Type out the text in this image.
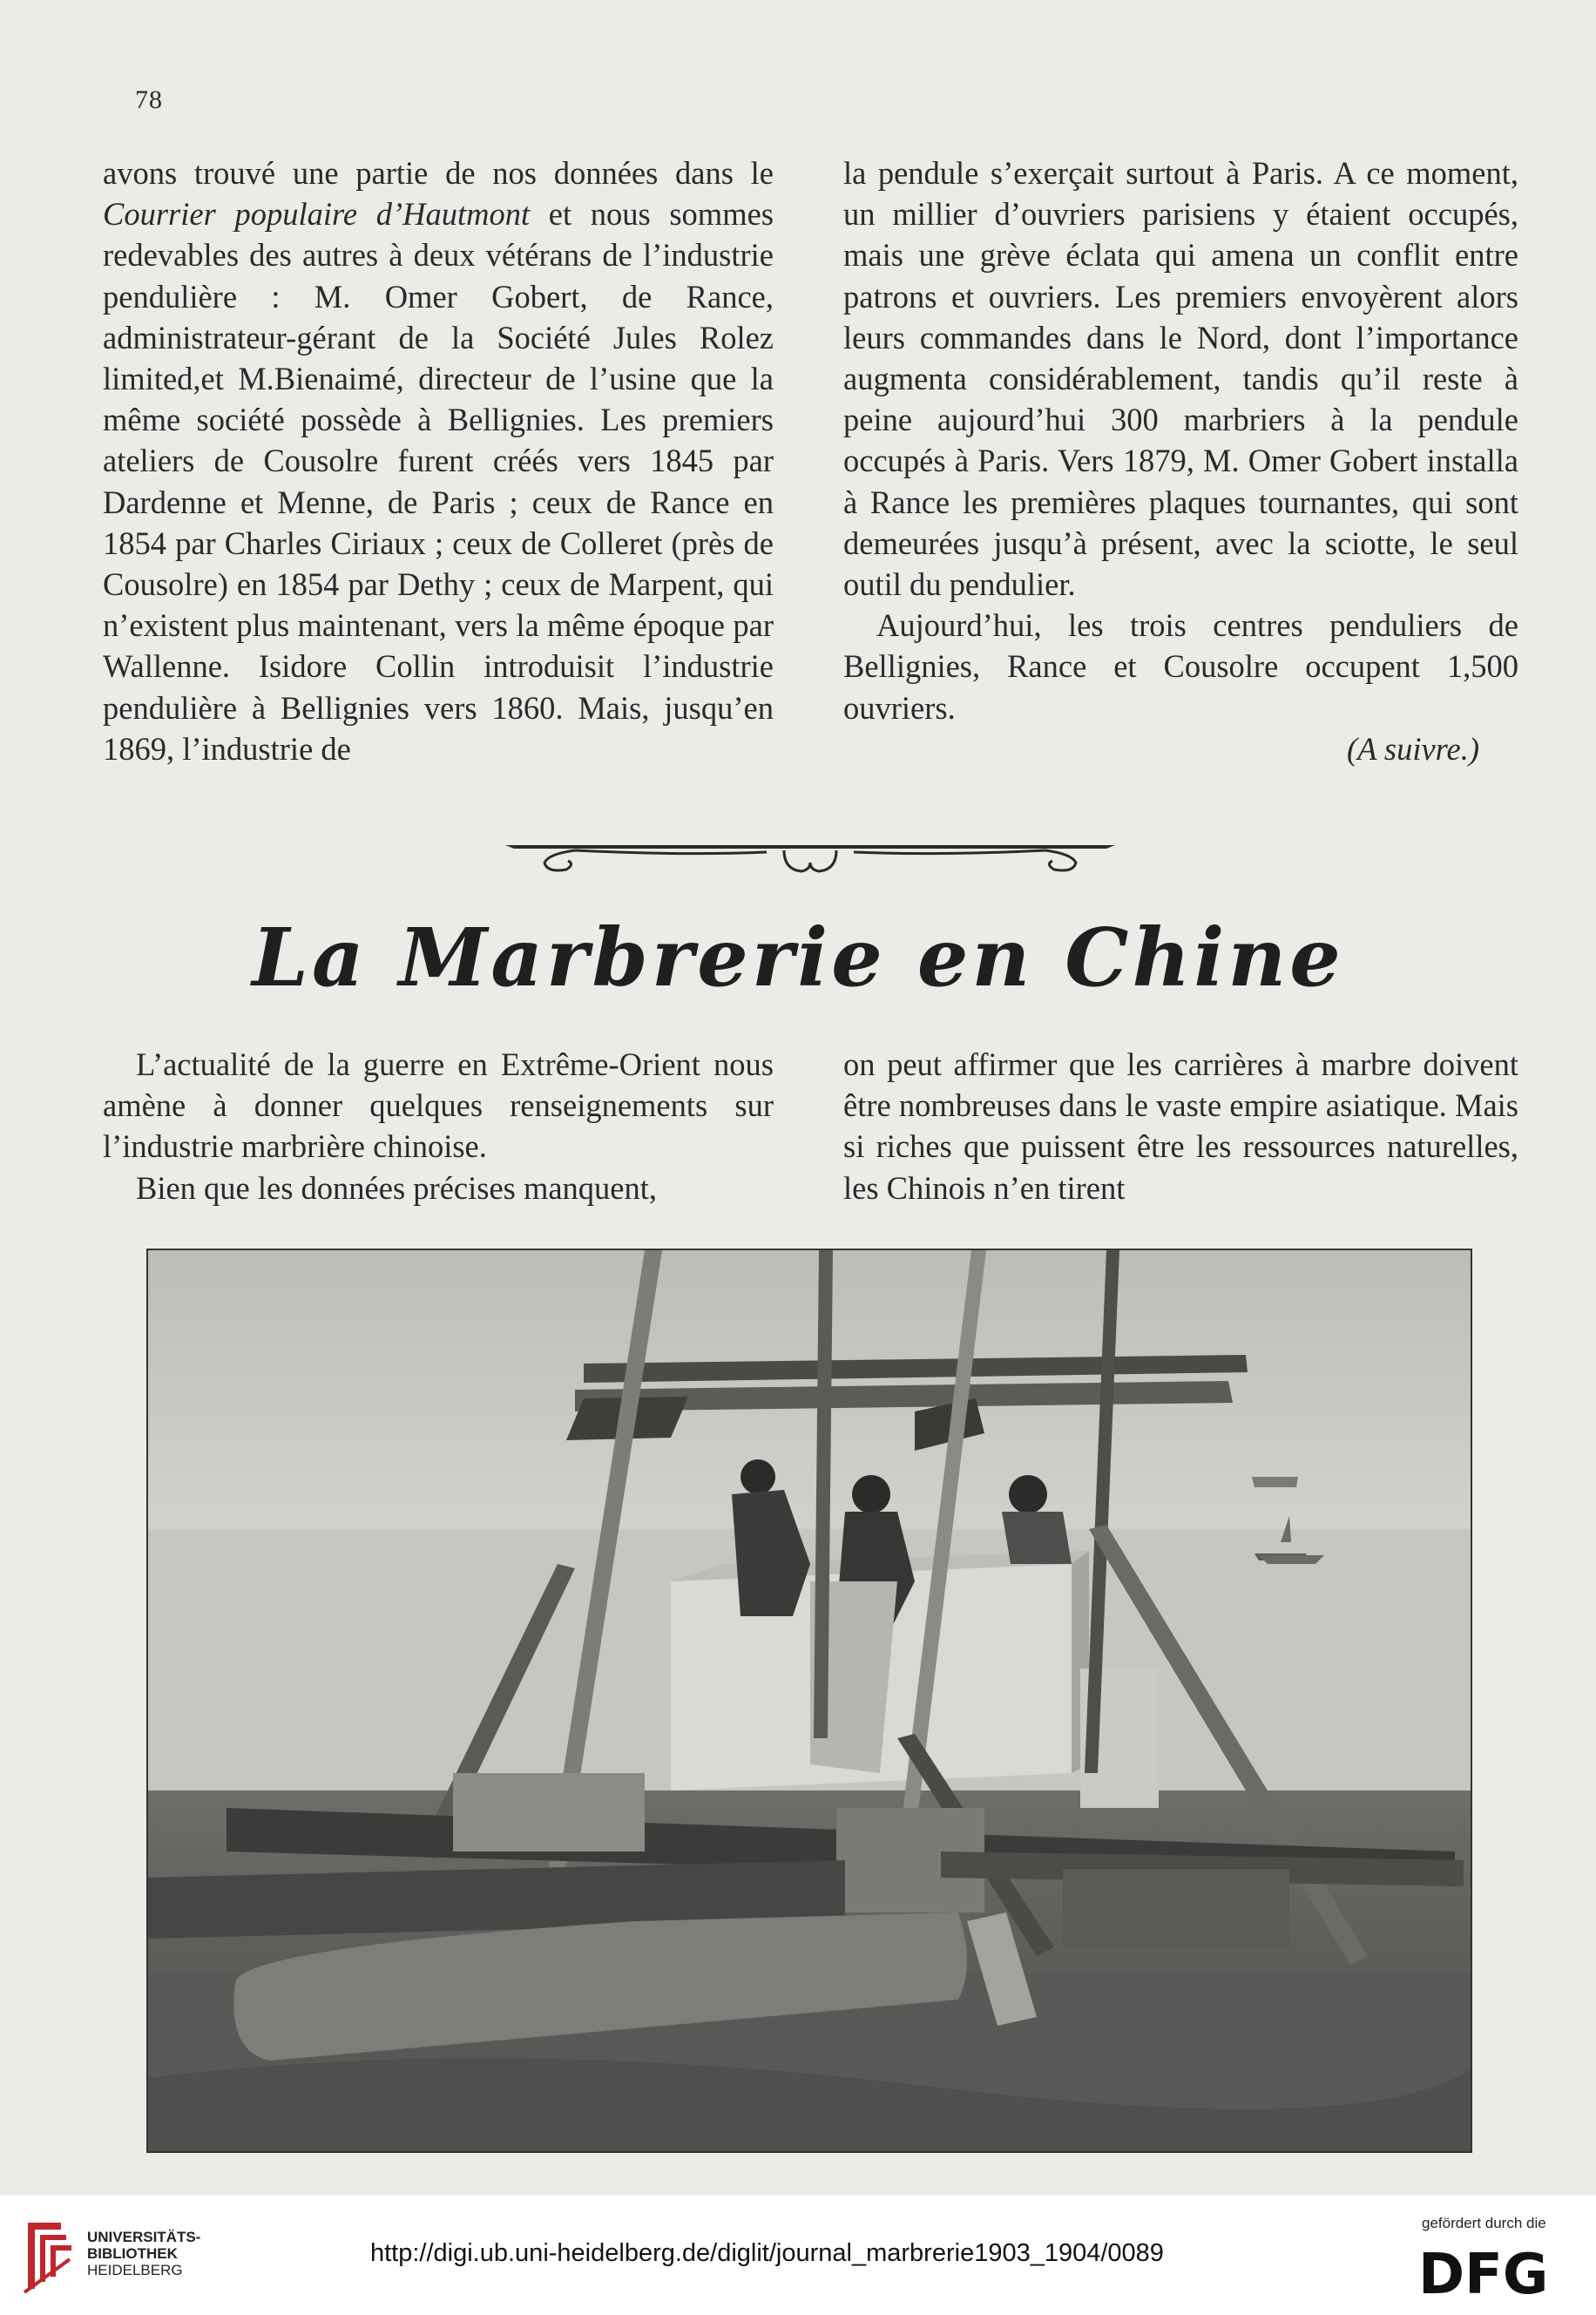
78

avons trouvé une partie de nos données dans le Courrier populaire d’Hautmont et nous sommes redevables des autres à deux vétérans de l’industrie pendulière : M. Omer Gobert, de Rance, administrateur-gérant de la Société Jules Rolez limited,et M.Bienaimé, directeur de l’usine que la même société possède à Bellignies. Les premiers ateliers de Cousolre furent créés vers 1845 par Dardenne et Menne, de Paris ; ceux de Rance en 1854 par Charles Ciriaux ; ceux de Colleret (près de Cousolre) en 1854 par Dethy ; ceux de Marpent, qui n’existent plus maintenant, vers la même époque par Wallenne. Isidore Collin introduisit l’industrie pendulière à Bellignies vers 1860. Mais, jusqu’en 1869, l’industrie de

la pendule s’exerçait surtout à Paris. A ce moment, un millier d’ouvriers parisiens y étaient occupés, mais une grève éclata qui amena un conflit entre patrons et ouvriers. Les premiers envoyèrent alors leurs commandes dans le Nord, dont l’importance augmenta considérablement, tandis qu’il reste à peine aujourd’hui 300 marbriers à la pendule occupés à Paris. Vers 1879, M. Omer Gobert installa à Rance les premières plaques tournantes, qui sont demeurées jusqu’à présent, avec la sciotte, le seul outil du pendulier.

Aujourd’hui, les trois centres penduliers de Bellignies, Rance et Cousolre occupent 1,500 ouvriers.

(A suivre.)

La Marbrerie en Chine

L’actualité de la guerre en Extrême-Orient nous amène à donner quelques renseignements sur l’industrie marbrière chinoise.

Bien que les données précises manquent,

on peut affirmer que les carrières à marbre doivent être nombreuses dans le vaste empire asiatique. Mais si riches que puissent être les ressources naturelles, les Chinois n’en tirent

UNIVERSITÄTS-
BIBLIOTHEK
HEIDELBERG
http://digi.ub.uni-heidelberg.de/diglit/journal_marbrerie1903_1904/0089
gefördert durch die
DFG
